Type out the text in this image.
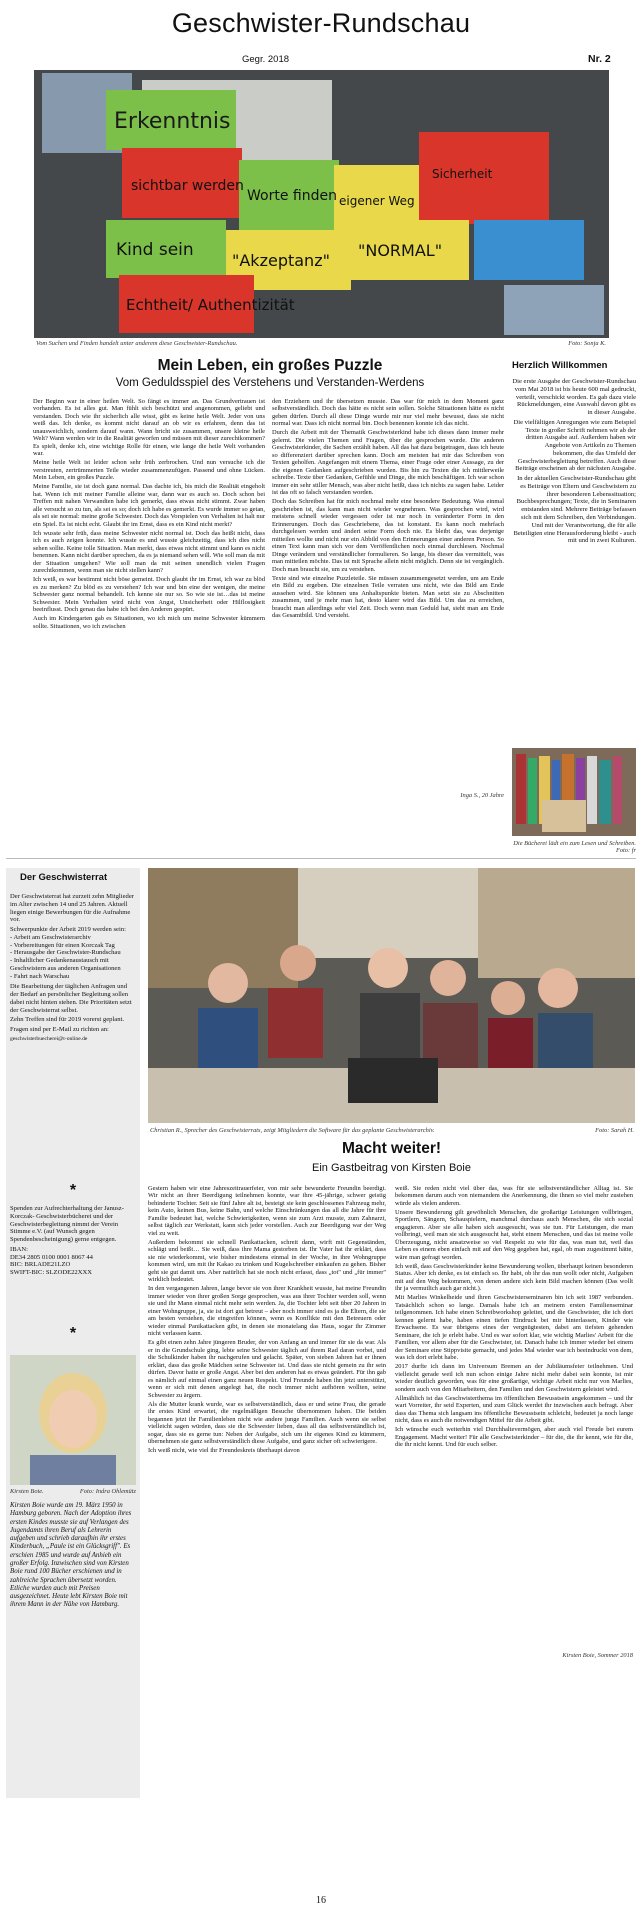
Geschwister-Rundschau
Gegr. 2018	Nr. 2
Erkenntnis
sichtbar werden
Worte finden
Sicherheit
eigener Weg
Kind sein
"Akzeptanz"
"NORMAL"
Echtheit/ Authentizität
Vom Suchen und Finden handelt unter anderem diese Geschwister-Rundschau.	Foto: Sonja K.
Mein Leben, ein großes Puzzle
Vom Geduldsspiel des Verstehens und Verstanden-Werdens

Der Beginn war in einer heilen Welt. So fängt es immer an. Das Grundvertrauen ist vorhanden. Es ist alles gut. Man fühlt sich beschützt und angenommen, geliebt und verstanden. Doch wie ihr sicherlich alle wisst, gibt es keine heile Welt. Jeder von uns weiß das. Ich denke, es kommt nicht darauf an ob wir es erfahren, denn das ist unausweichlich, sondern darauf wann. Wann bricht sie zusammen, unsere kleine heile Welt? Wann werden wir in die Realität geworfen und müssen mit dieser zurechtkommen? Es spielt, denke ich, eine wichtige Rolle für einen, wie lange die heile Welt vorhanden war.

Meine heile Welt ist leider schon sehr früh zerbrochen. Und nun versuche ich die verstreuten, zertrümmerten Teile wieder zusammenzufügen. Passend und ohne Lücken. Mein Leben, ein großes Puzzle.

Meine Familie, sie ist doch ganz normal. Das dachte ich, bis mich die Realität eingeholt hat. Wenn ich mit meiner Familie alleine war, dann war es auch so. Doch schon bei Treffen mit nahen Verwandten habe ich gemerkt, dass etwas nicht stimmt. Zwar haben alle versucht so zu tun, als sei es so; doch ich habe es gemerkt. Es wurde immer so getan, als sei sie normal: meine große Schwester. Doch das Vorspielen von Verhalten ist halt nur ein Spiel. Es ist nicht echt. Glaubt ihr im Ernst, dass es ein Kind nicht merkt?

Ich wusste sehr früh, dass meine Schwester nicht normal ist. Doch das heißt nicht, dass ich es auch zeigen konnte. Ich wusste es und wusste gleichzeitig, dass ich dies nicht sehen sollte. Keine tolle Situation. Man merkt, dass etwas nicht stimmt und kann es nicht benennen. Kann nicht darüber sprechen, da es ja niemand sehen will. Wie soll man da mit der Situation umgehen? Wie soll man da mit seinen unendlich vielen Fragen zurechtkommen, wenn man sie nicht stellen kann?

Ich weiß, es war bestimmt nicht böse gemeint. Doch glaubt ihr im Ernst, ich war zu blöd es zu merken? Zu blöd es zu verstehen? Ich war und bin eine der wenigen, die meine Schwester ganz normal behandelt. Ich kenne sie nur so. So wie sie ist…das ist meine Schwester. Mein Verhalten wird nicht von Angst, Unsicherheit oder Hilflosigkeit beeinflusst. Doch genau das habe ich bei den Anderen gespürt.

Auch im Kindergarten gab es Situationen, wo ich mich um meine Schwester kümmern sollte. Situationen, wo ich zwischen

den Erziehern und ihr übersetzen musste. Das war für mich in dem Moment ganz selbstverständlich. Doch das hätte es nicht sein sollen. Solche Situationen hätte es nicht geben dürfen. Durch all diese Dinge wurde mir nur viel mehr bewusst, dass sie nicht normal war. Dass ich nicht normal bin. Doch benennen konnte ich das nicht.

Durch die Arbeit mit der Thematik Geschwisterkind habe ich dieses dann immer mehr gelernt. Die vielen Themen und Fragen, über die gesprochen wurde. Die anderen Geschwisterkinder, die Sachen erzählt haben. All das hat dazu beigetragen, dass ich heute so differenziert darüber sprechen kann. Doch am meisten hat mir das Schreiben von Texten geholfen. Angefangen mit einem Thema, einer Frage oder einer Aussage, zu der die eigenen Gedanken aufgeschrieben wurden. Bis hin zu Texten die ich mittlerweile schreibe. Texte über Gedanken, Gefühle und Dinge, die mich beschäftigen. Ich war schon immer ein sehr stiller Mensch, was aber nicht heißt, dass ich nichts zu sagen habe. Leider ist das oft so falsch verstanden worden.

Doch das Schreiben hat für mich nochmal mehr eine besondere Bedeutung. Was einmal geschrieben ist, das kann man nicht wieder wegnehmen. Was gesprochen wird, wird meistens schnell wieder vergessen oder ist nur noch in veränderter Form in den Erinnerungen. Doch das Geschriebene, das ist konstant. Es kann noch mehrfach durchgelesen werden und ändert seine Form doch nie. Es bleibt das, was derjenige mitteilen wollte und nicht nur ein Abbild von den Erinnerungen einer anderen Person. So einen Text kann man sich vor dem Veröffentlichen noch einmal durchlesen. Nochmal Dinge verändern und verständlicher formulieren. So lange, bis dieser das vermittelt, was man mitteilen möchte. Das ist mit Sprache allein nicht möglich. Denn sie ist vergänglich. Doch man braucht sie, um zu verstehen.

Texte sind wie einzelne Puzzleteile. Sie müssen zusammengesetzt werden, um am Ende ein Bild zu ergeben. Die einzelnen Teile verraten uns nicht, wie das Bild am Ende aussehen wird. Sie können uns Anhaltspunkte bieten. Man setzt sie zu Abschnitten zusammen, und je mehr man hat, desto klarer wird das Bild. Um das zu erreichen, braucht man allerdings sehr viel Zeit. Doch wenn man Geduld hat, sieht man am Ende das Gesamtbild. Und versteht.

Inga S., 20 Jahre
Herzlich Willkommen

Die erste Ausgabe der Geschwister-Rundschau vom Mai 2018 ist bis heute 600 mal gedruckt, verteilt, verschickt worden. Es gab dazu viele Rückmeldungen, eine Auswahl davon gibt es in dieser Ausgabe.

Die vielfältigen Anregungen wie zum Beispiel Texte in großer Schrift nehmen wir ab der dritten Ausgabe auf. Außerdem haben wir Angebote von Artikeln zu Themen bekommen, die das Umfeld der Geschwisterbegleitung betreffen. Auch diese Beiträge erscheinen ab der nächsten Ausgabe.

In der aktuellen Geschwister-Rundschau gibt es Beiträge von Eltern und Geschwistern zu ihrer besonderen Lebenssituation; Buchbesprechungen; Texte, die in Seminaren entstanden sind. Mehrere Beiträge befassen sich mit dem Schreiben, den Verbindungen. Und mit der Verantwortung, die für alle Beteiligten eine Herausforderung bleibt - auch mit und in zwei Kulturen.

Die Bücherei lädt ein zum Lesen und Schreiben. Foto: fr
Der Geschwisterrat

Der Geschwisterrat hat zurzeit zehn Mitglieder im Alter zwischen 14 und 25 Jahren. Aktuell liegen einige Bewerbungen für die Aufnahme vor.

Schwerpunkte der Arbeit 2019 werden sein:

- Arbeit am Geschwisterarchiv
- Vorbereitungen für einen Korczak Tag
- Herausgabe der Geschwister-Rundschau
- Inhaltlicher Gedankenaustausch mit Geschwistern aus anderen Organisationen
- Fahrt nach Warschau

Die Bearbeitung der täglichen Anfragen und der Bedarf an persönlicher Begleitung sollen dabei nicht hinten stehen. Die Prioritäten setzt der Geschwisterrat selbst.

Zehn Treffen sind für 2019 vorerst geplant.

Fragen sind per E-Mail zu richten an:

geschwisterbuecherei@t-online.de

*

Spenden zur Aufrechterhaltung der Janusz- Korczak- Geschwisterbücherei und der Geschwisterbegleitung nimmt der Verein Stimme e.V. (auf Wunsch gegen Spendenbescheinigung) gerne entgegen.

IBAN:
DE34 2805 0100 0001 8067 44
BIC: BRLADE21LZO
SWIFT-BIC: SLZODE22XXX
*
Christian R., Sprecher des Geschwisterrats, zeigt Mitgliedern die Software für das geplante Geschwisterarchiv.	Foto: Sarah H.
Kirsten Boie.	Foto: Indra Ohlemütz
Kirsten Boie wurde am 19. März 1950 in Hamburg geboren. Nach der Adoption ihres ersten Kindes musste sie auf Verlangen des Jugendamts ihren Beruf als Lehrerin aufgeben und schrieb daraufhin ihr erstes Kinderbuch, „Paule ist ein Glücksgriff". Es erschien 1985 und wurde auf Anhieb ein großer Erfolg. Inzwischen sind von Kirsten Boie rund 100 Bücher erschienen und in zahlreiche Sprachen übersetzt worden. Etliche wurden auch mit Preisen ausgezeichnet. Heute lebt Kirsten Boie mit ihrem Mann in der Nähe von Hamburg.
Macht weiter!
Ein Gastbeitrag von Kirsten Boie

Gestern haben wir eine Jahreszeitrauerfeier, von mir sehr bewunderte Freundin beerdigt. Wir nicht an ihrer Beerdigung teilnehmen konnte, war ihre 45-jährige, schwer geistig behinderte Tochter. Seit sie fünf Jahre alt ist, besteigt sie kein geschlossenes Fahrzeug mehr, kein Auto, keinen Bus, keine Bahn, und welche Einschränkungen das all die Jahre für ihre Familie bedeutet hat, welche Schwierigkeiten, wenn sie zum Arzt musste, zum Zahnarzt, selbst täglich zur Werkstatt, kann sich jeder vorstellen. Auch zur Beerdigung war der Weg viel zu weit.

Außerdem bekommt sie schnell Panikattacken, schreit dann, wirft mit Gegenständen, schlägt und beißt… Sie weiß, dass ihre Mama gestorben ist. Ihr Vater hat ihr erklärt, dass sie nie wiederkommt, wie bisher mindestens einmal in der Woche, in ihre Wohngruppe kommen wird, um mit ihr Kakao zu trinken und Kugelschreiber einkaufen zu gehen. Bisher geht sie gut damit um. Aber natürlich hat sie noch nicht erfasst, dass „tot" und „für immer" wirklich bedeutet.

In den vergangenen Jahren, lange bevor sie von ihrer Krankheit wusste, hat meine Freundin immer wieder von ihrer großen Sorge gesprochen, was aus ihrer Tochter werden soll, wenn sie und ihr Mann einmal nicht mehr sein werden. Ja, die Tochter lebt seit über 20 Jahren in einer Wohngruppe, ja, sie ist dort gut betreut – aber noch immer sind es ja die Eltern, die sie am besten verstehen, die eingreifen können, wenn es Konflikte mit den Betreuern oder wieder einmal Panikattacken gibt, in denen sie monatelang das Haus, sogar ihr Zimmer nicht verlassen kann.

Es gibt einen zehn Jahre jüngeren Bruder, der von Anfang an und immer für sie da war. Als er in die Grundschule ging, lebte seine Schwester täglich auf ihrem Rad daran vorbei, und die Schulkinder haben ihr nachgerufen und gelacht. Später, von sieben Jahren hat er ihnen erklärt, dass das große Mädchen seine Schwester ist. Und dass sie nicht gemein zu ihr sein dürfen. Davor hatte er große Angst. Aber bei den anderen hat es etwas geändert. Für ihn gab es nämlich auf einmal einen ganz neuen Respekt. Und Freunde haben ihn jetzt unterstützt, wenn er sich mit denen angelegt hat, die noch immer nicht aufhören wollten, seine Schwester zu ärgern.

Als die Mutter krank wurde, war es selbstverständlich, dass er und seine Frau, die gerade ihr erstes Kind erwartet, die regelmäßigen Besuche übernommen haben. Die beiden begannen jetzt ihr Familienleben nicht wie andere junge Familien. Auch wenn sie selbst vielleicht sagen würden, dass sie die Schwester lieben, dass all das selbstverständlich ist, sogar, dass sie es gerne tun: Neben der Aufgabe, sich um ihr eigenes Kind zu kümmern, übernehmen sie ganz selbstverständlich diese Aufgabe, und ganz sicher oft schwierigere.

Ich weiß nicht, wie viel ihr Freundeskreis überhaupt davon

weiß. Sie reden nicht viel über das, was für sie selbstverständlicher Alltag ist. Sie bekommen darum auch von niemandem die Anerkennung, die ihnen so viel mehr zustehen würde als vielen anderen.

Unsere Bewunderung gilt gewöhnlich Menschen, die großartige Leistungen vollbringen, Sportlern, Sängern, Schauspielern, manchmal durchaus auch Menschen, die sich sozial engagieren. Aber sie alle haben sich ausgesucht, was sie tun. Für Leistungen, die man vollbringt, weil man sie sich ausgesucht hat, steht einem Menschen, und das ist meine volle Überzeugung, nicht ansatzweise so viel Respekt zu wie für das, was man tut, weil das Leben es einem eben einfach mit auf den Weg gegeben hat, egal, ob man zugestimmt hätte, wäre man gefragt worden.

Ich weiß, dass Geschwisterkinder keine Bewunderung wollen, überhaupt keinen besonderen Status. Aber ich denke, es ist einfach so. Ihr habt, ob ihr das nun wollt oder nicht, Aufgaben mit auf den Weg bekommen, von denen andere sich kein Bild machen können (Das wollt ihr ja vermutlich auch gar nicht.).

Mit Marlies Winkelheide und ihren Geschwisterseminaren bin ich seit 1987 verbunden. Tatsächlich schon so lange. Damals habe ich an meinem ersten Familienseminar teilgenommen. Ich habe einen Schreibworkshop geleitet, und die Geschwister, die ich dort kennen gelernt habe, haben einen tiefen Eindruck bei mir hinterlassen, Kinder wie Erwachsene. Es war übrigens eines der vergnügtesten, dabei am tiefsten gehenden Seminare, die ich je erlebt habe. Und es war sofort klar, wie wichtig Marlies' Arbeit für die Familien, vor allem aber für die Geschwister, ist. Danach habe ich immer wieder bei einem der Seminare eine Stippvisite gemacht, und jedes Mal wieder war ich beeindruckt von dem, was ich dort erlebt habe.

2017 durfte ich dann im Universum Bremen an der Jubiläumsfeier teilnehmen. Und vielleicht gerade weil ich nun schon einige Jahre nicht mehr dabei sein konnte, ist mir wieder deutlich geworden, was für eine großartige, wichtige Arbeit nicht nur von Marlies, sondern auch von den Mitarbeitern, den Familien und den Geschwistern geleistet wird.

Allmählich ist das Geschwisterthema im öffentlichen Bewusstsein angekommen – und ihr wart Vorreiter, ihr seid Experten, und zum Glück werdet ihr inzwischen auch befragt. Aber dass das Thema sich langsam ins öffentliche Bewusstsein schleicht, bedeutet ja noch lange nicht, dass es auch die notwendigen Mittel für die Arbeit gibt.

Ich wünsche euch weiterhin viel Durchhaltevermögen, aber auch viel Freude bei eurem Engagement. Macht weiter! Für alle Geschwisterkinder – für die, die ihr kennt, wie für die, die ihr nicht kennt. Und für euch selber.

Kirsten Boie, Sommer 2018
16
